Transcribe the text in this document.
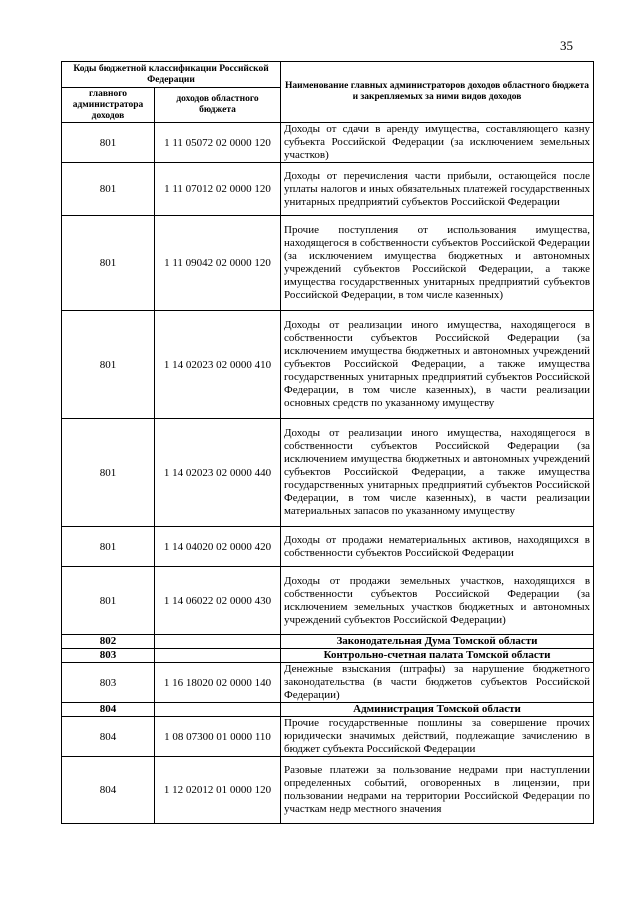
35
Коды бюджетной классификации Российской Федерации		Наименование главных администраторов доходов областного бюджета и закрепляемых за ними видов доходов
главного администратора доходов	доходов областного бюджета	
801	1 11 05072 02 0000 120	Доходы от сдачи в аренду имущества, составляющего казну субъекта Российской Федерации (за исключением земельных участков)
801	1 11 07012 02 0000 120	Доходы от перечисления части прибыли, остающейся после уплаты налогов и иных обязательных платежей государственных унитарных предприятий субъектов Российской Федерации
801	1 11 09042 02 0000 120	Прочие поступления от использования имущества, находящегося в собственности субъектов Российской Федерации (за исключением имущества бюджетных и автономных учреждений субъектов Российской Федерации, а также имущества государственных унитарных предприятий субъектов Российской Федерации, в том числе казенных)
801	1 14 02023 02 0000 410	Доходы от реализации иного имущества, находящегося в собственности субъектов Российской Федерации (за исключением имущества бюджетных и автономных учреждений субъектов Российской Федерации, а также имущества государственных унитарных предприятий субъектов Российской Федерации, в том числе казенных), в части реализации основных средств по указанному имуществу
801	1 14 02023 02 0000 440	Доходы от реализации иного имущества, находящегося в собственности субъектов Российской Федерации (за исключением имущества бюджетных и автономных учреждений субъектов Российской Федерации, а также имущества государственных унитарных предприятий субъектов Российской Федерации, в том числе казенных), в части реализации материальных запасов по указанному имуществу
801	1 14 04020 02 0000 420	Доходы от продажи нематериальных активов, находящихся в собственности субъектов Российской Федерации
801	1 14 06022 02 0000 430	Доходы от продажи земельных участков, находящихся в собственности субъектов Российской Федерации (за исключением земельных участков бюджетных и автономных учреждений субъектов Российской Федерации)
802		Законодательная Дума Томской области
803		Контрольно-счетная палата Томской области
803	1 16 18020 02 0000 140	Денежные взыскания (штрафы) за нарушение бюджетного законодательства (в части бюджетов субъектов Российской Федерации)
804		Администрация Томской области
804	1 08 07300 01 0000 110	Прочие государственные пошлины за совершение прочих юридически значимых действий, подлежащие зачислению в бюджет субъекта Российской Федерации
804	1 12 02012 01 0000 120	Разовые платежи за пользование недрами при наступлении определенных событий, оговоренных в лицензии, при пользовании недрами на территории Российской Федерации по участкам недр местного значения
